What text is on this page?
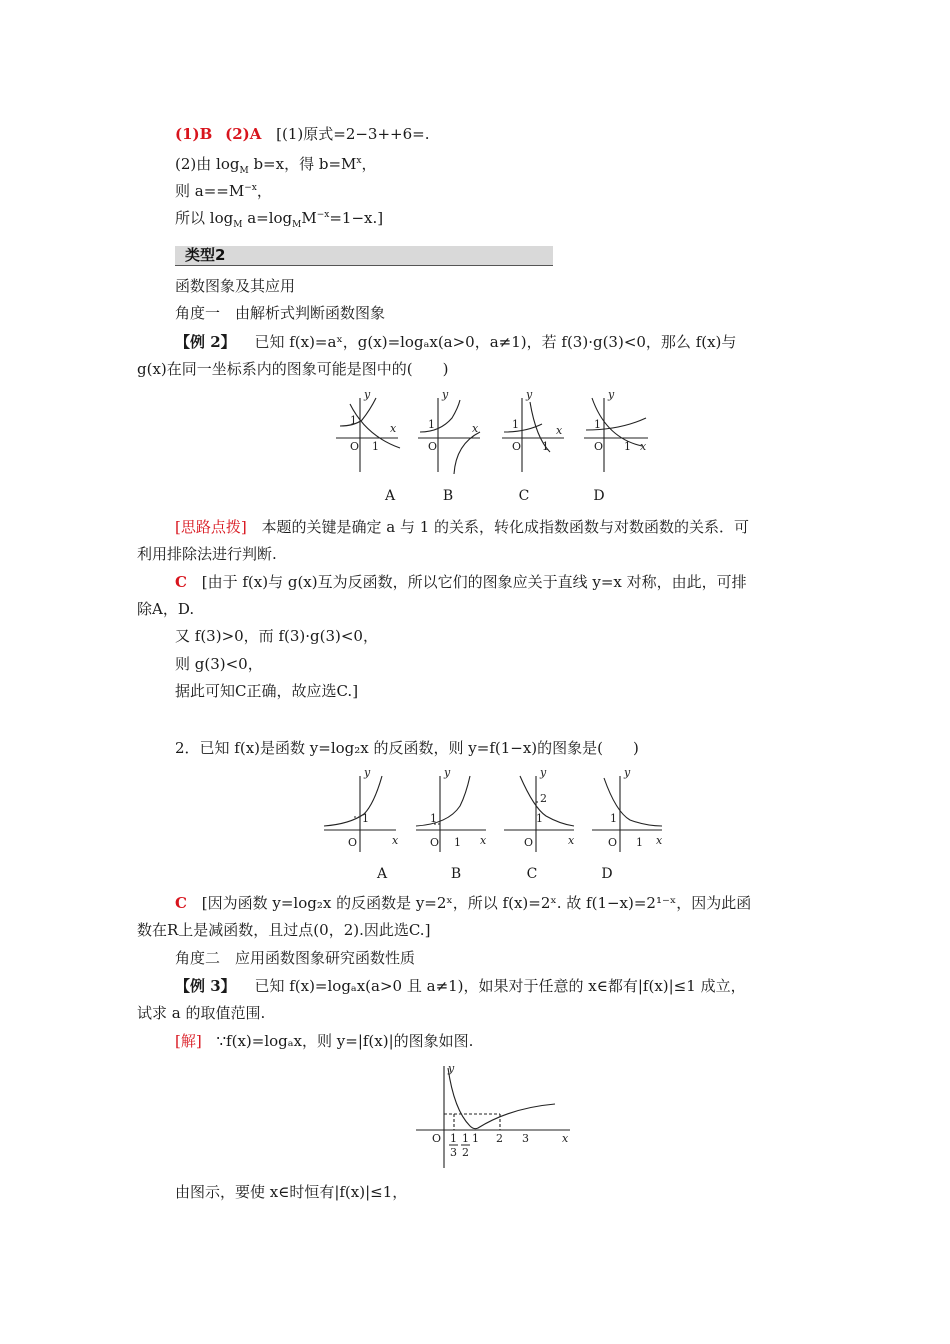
(1)B (2)A [(1)原式=2−3++6=.
(2)由 $\log_M b=x$，得 $b=M^x$，
则 $a==M^{-x}$，
所以 $\log_M a=\log_MM^{-x}=1-x$.]
类型2
函数图象及其应用
角度一　由解析式判断函数图象
【例 2】 已知 f(x)=aˣ，g(x)=logₐx(a>0，a≠1)，若 f(3)·g(3)<0，那么 f(x)与
g(x)在同一坐标系内的图象可能是图中的(　　)
y
x
1
O 1
y
x
1
O
y
x
1
O 1
y
x
1
O 1
A	B	C	D
[思路点拨] 本题的关键是确定 a 与 1 的关系，转化成指数函数与对数函数的关系．可
利用排除法进行判断.
C [由于 f(x)与 g(x)互为反函数，所以它们的图象应关于直线 y=x 对称，由此，可排
除A，D.
又 f(3)>0，而 f(3)·g(3)<0，
则 g(3)<0，
据此可知C正确，故应选C.]
2．已知 f(x)是函数 y=log₂x 的反函数，则 y=f(1−x)的图象是(　　)
y
x
1
O
y
x
1
O 1
y
x
2
1
O
y
x
1
O 1
A	B	C	D
C [因为函数 y=log₂x 的反函数是 y=2ˣ，所以 f(x)=2ˣ. 故 f(1−x)=2¹⁻ˣ，因为此函
数在R上是减函数，且过点(0，2).因此选C.]
角度二　应用函数图象研究函数性质
【例 3】 已知 f(x)=logₐx(a>0 且 a≠1)，如果对于任意的 x∈都有|f(x)|≤1 成立，
试求 a 的取值范围.
[解] ∵f(x)=logₐx，则 y=|f(x)|的图象如图.
y
x
O 1
3
1
2
1 2 3
由图示，要使 x∈时恒有|f(x)|≤1，
